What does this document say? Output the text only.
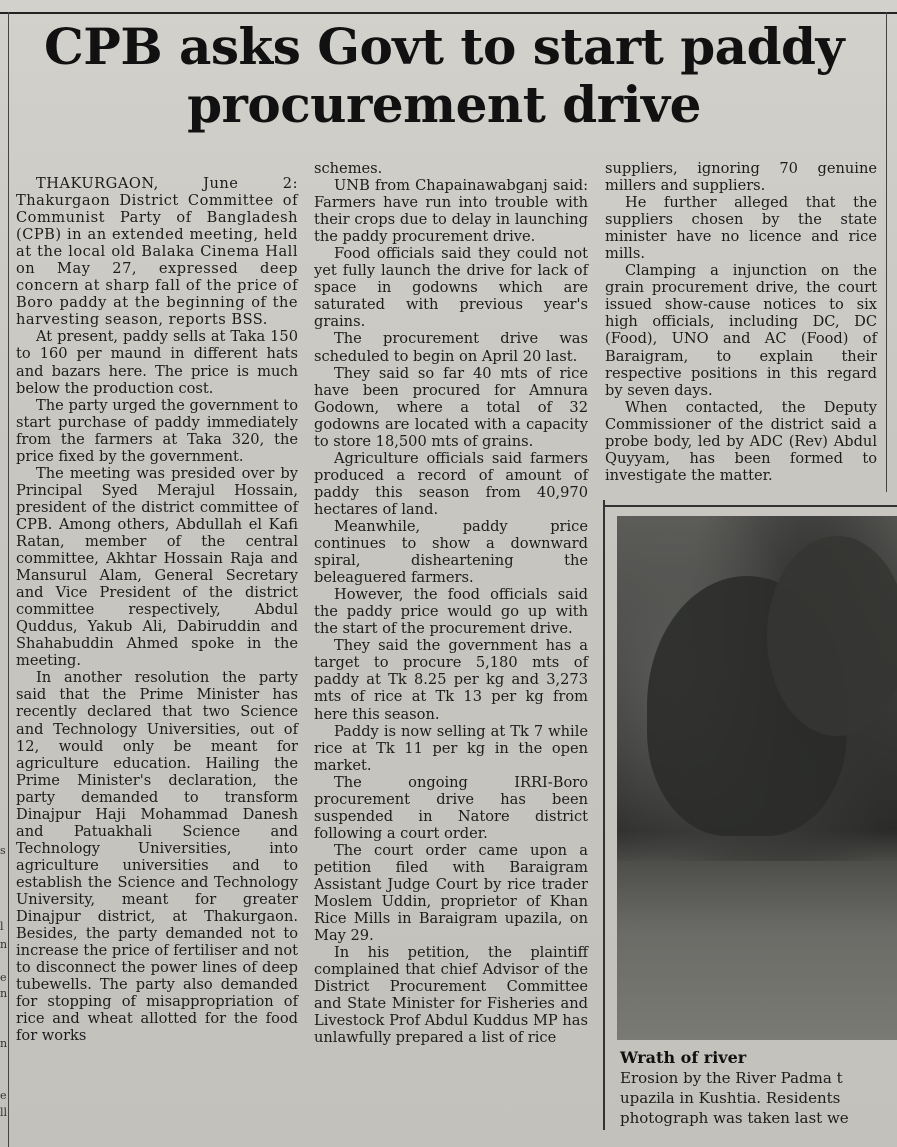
s
l
n
e
n
n
e
ll
CPB asks Govt to start paddy procurement drive

THAKURGAON, June 2: Thakurgaon District Committee of Communist Party of Bangladesh (CPB) in an extended meeting, held at the local old Balaka Cinema Hall on May 27, expressed deep concern at sharp fall of the price of Boro paddy at the beginning of the harvesting season, reports BSS.

At present, paddy sells at Taka 150 to 160 per maund in different hats and bazars here. The price is much below the production cost.

The party urged the government to start purchase of paddy immediately from the farmers at Taka 320, the price fixed by the government.

The meeting was presided over by Principal Syed Merajul Hossain, president of the district committee of CPB. Among others, Abdullah el Kafi Ratan, member of the central committee, Akhtar Hossain Raja and Mansurul Alam, General Secretary and Vice President of the district committee respectively, Abdul Quddus, Yakub Ali, Dabiruddin and Shahabuddin Ahmed spoke in the meeting.

In another resolution the party said that the Prime Minister has recently declared that two Science and Technology Universities, out of 12, would only be meant for agriculture education. Hailing the Prime Minister's declaration, the party demanded to transform Dinajpur Haji Mohammad Danesh and Patuakhali Science and Technology Universities, into agriculture universities and to establish the Science and Technology University, meant for greater Dinajpur district, at Thakurgaon. Besides, the party demanded not to increase the price of fertiliser and not to disconnect the power lines of deep tubewells. The party also demanded for stopping of misappropriation of rice and wheat allotted for the food for works

schemes.

UNB from Chapainawabganj said: Farmers have run into trouble with their crops due to delay in launching the paddy procurement drive.

Food officials said they could not yet fully launch the drive for lack of space in godowns which are saturated with previous year's grains.

The procurement drive was scheduled to begin on April 20 last.

They said so far 40 mts of rice have been procured for Amnura Godown, where a total of 32 godowns are located with a capacity to store 18,500 mts of grains.

Agriculture officials said farmers produced a record of amount of paddy this season from 40,970 hectares of land.

Meanwhile, paddy price continues to show a downward spiral, disheartening the beleaguered farmers.

However, the food officials said the paddy price would go up with the start of the procurement drive.

They said the government has a target to procure 5,180 mts of paddy at Tk 8.25 per kg and 3,273 mts of rice at Tk 13 per kg from here this season.

Paddy is now selling at Tk 7 while rice at Tk 11 per kg in the open market.

The ongoing IRRI-Boro procurement drive has been suspended in Natore district following a court order.

The court order came upon a petition filed with Baraigram Assistant Judge Court by rice trader Moslem Uddin, proprietor of Khan Rice Mills in Baraigram upazila, on May 29.

In his petition, the plaintiff complained that chief Advisor of the District Procurement Committee and State Minister for Fisheries and Livestock Prof Abdul Kuddus MP has unlawfully prepared a list of rice

suppliers, ignoring 70 genuine millers and suppliers.

He further alleged that the suppliers chosen by the state minister have no licence and rice mills.

Clamping a injunction on the grain procurement drive, the court issued show-cause notices to six high officials, including DC, DC (Food), UNO and AC (Food) of Baraigram, to explain their respective positions in this regard by seven days.

When contacted, the Deputy Commissioner of the district said a probe body, led by ADC (Rev) Abdul Quyyam, has been formed to investigate the matter.

Wrath of river
Erosion by the River Padma t
upazila in Kushtia. Residents
photograph was taken last we
